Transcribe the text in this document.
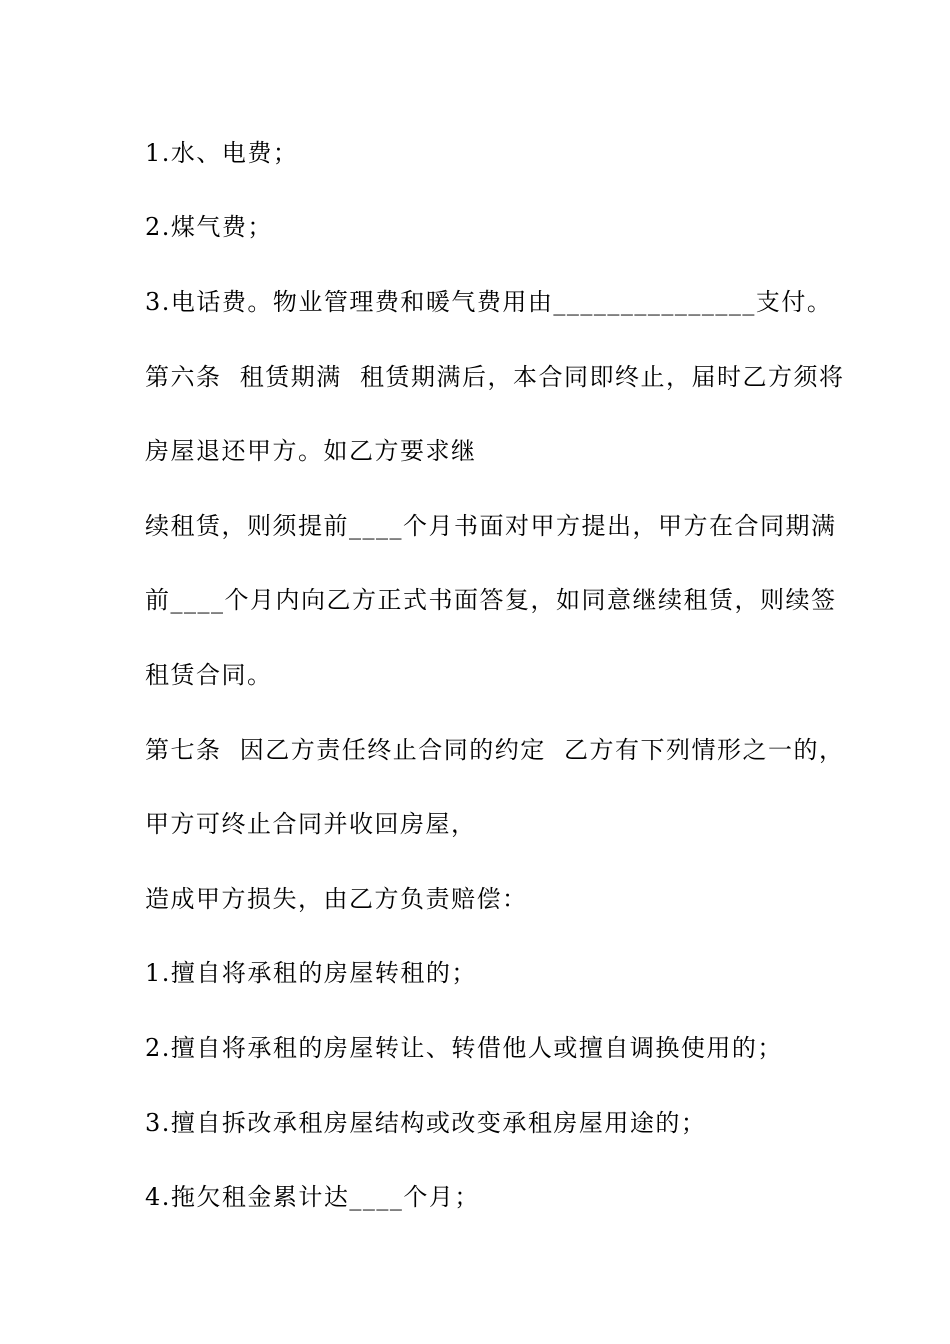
1.水、电费；
2.煤气费；
3.电话费。物业管理费和暖气费用由_______________支付。
第六条  租赁期满  租赁期满后，本合同即终止，届时乙方须将
房屋退还甲方。如乙方要求继
续租赁，则须提前____个月书面对甲方提出，甲方在合同期满
前____个月内向乙方正式书面答复，如同意继续租赁，则续签
租赁合同。
第七条  因乙方责任终止合同的约定  乙方有下列情形之一的，
甲方可终止合同并收回房屋，
造成甲方损失，由乙方负责赔偿：
1.擅自将承租的房屋转租的；
2.擅自将承租的房屋转让、转借他人或擅自调换使用的；
3.擅自拆改承租房屋结构或改变承租房屋用途的；
4.拖欠租金累计达____个月；
